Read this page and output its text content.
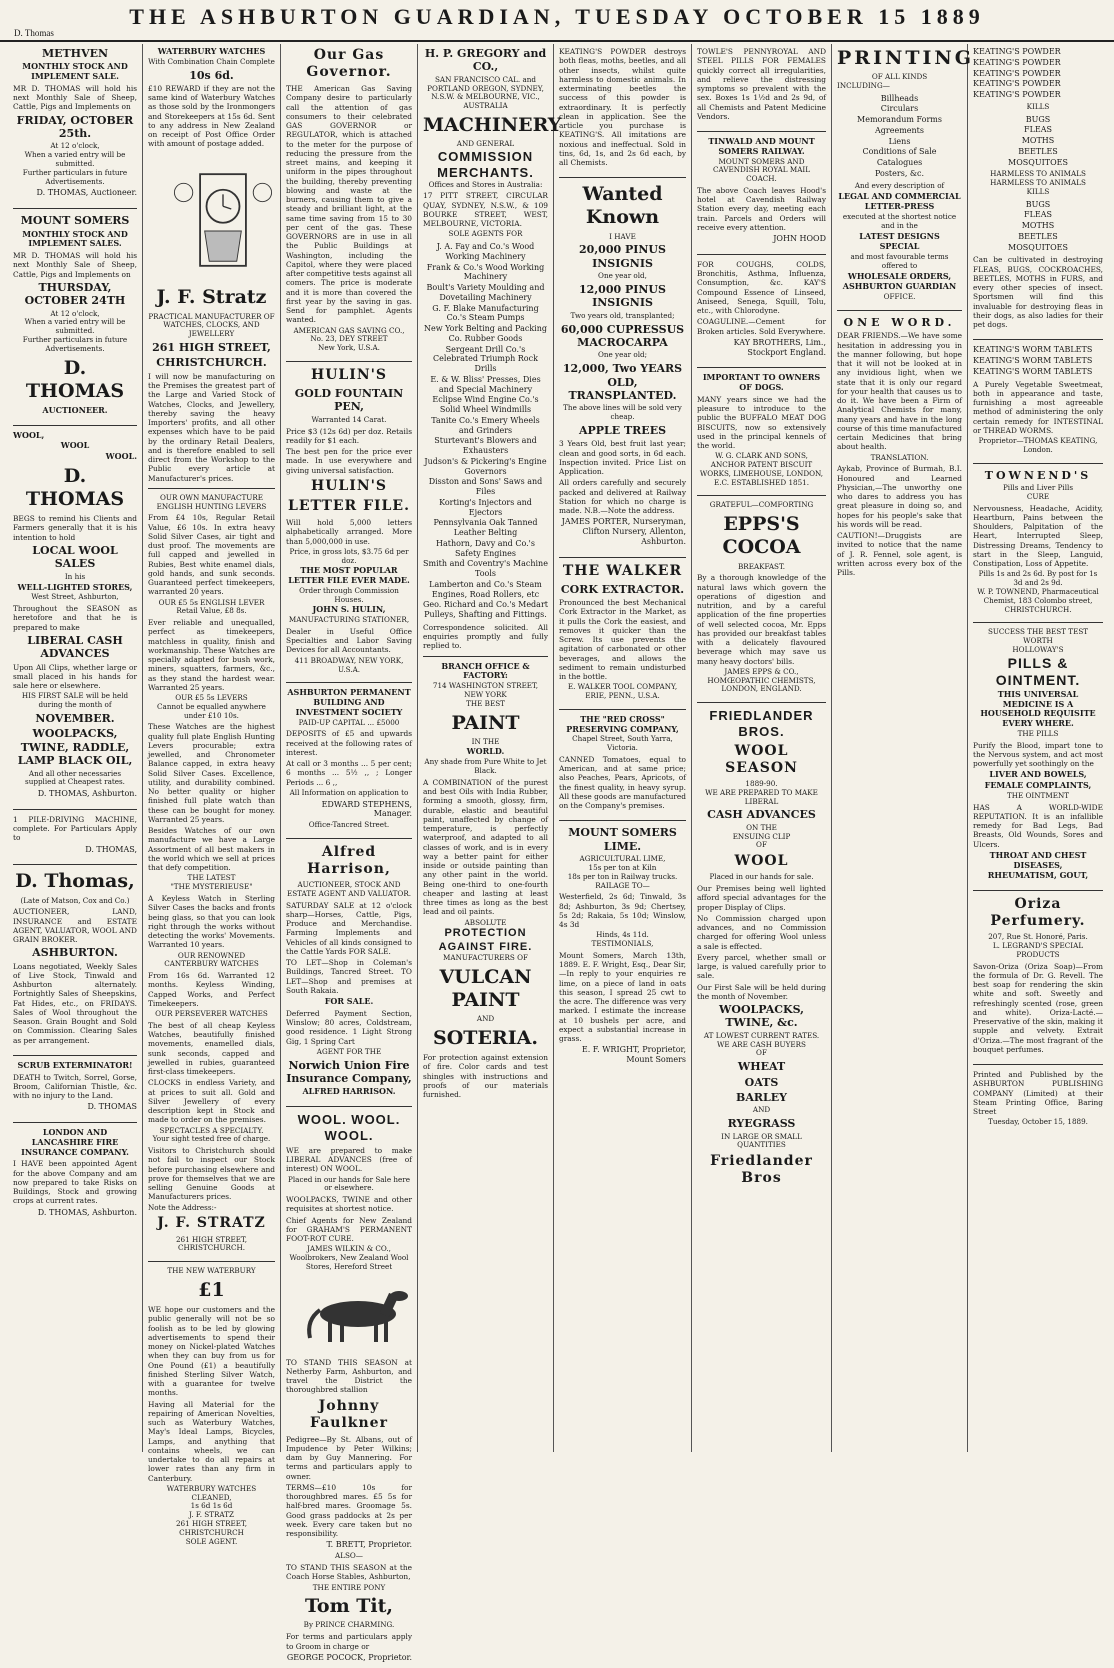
THE ASHBURTON GUARDIAN, TUESDAY OCTOBER 15 1889
D. Thomas
METHVEN
MONTHLY STOCK AND IMPLEMENT SALE.
MR D. THOMAS will hold his next Monthly Sale of Sheep, Cattle, Pigs and Implements on
FRIDAY, OCTOBER 25th.
At 12 o'clock,
When a varied entry will be submitted.
Further particulars in future Advertisements.
D. THOMAS, Auctioneer.
MOUNT SOMERS
MONTHLY STOCK AND IMPLEMENT SALES.
MR D. THOMAS will hold his next Monthly Sale of Sheep, Cattle, Pigs and Implements on
THURSDAY, OCTOBER 24TH
At 12 o'clock,
When a varied entry will be submitted.
Further particulars in future Advertisements.
D. THOMAS
AUCTIONEER.
WOOL,
WOOL
WOOL.
D. THOMAS
BEGS to remind his Clients and Farmers generally that it is his intention to hold
LOCAL WOOL SALES
In his
WELL-LIGHTED STORES,
West Street, Ashburton,
Throughout the SEASON as heretofore and that he is prepared to make
LIBERAL CASH ADVANCES
Upon All Clips, whether large or small placed in his hands for sale here or elsewhere.
HIS FIRST SALE will be held during the month of
NOVEMBER.
WOOLPACKS, TWINE, RADDLE, LAMP BLACK OIL,
And all other necessaries supplied at Cheapest rates.
D. THOMAS, Ashburton.
1 PILE-DRIVING MACHINE, complete. For Particulars Apply to
D. THOMAS,
D. Thomas,
(Late of Matson, Cox and Co.)
AUCTIONEER, LAND, INSURANCE and ESTATE AGENT, VALUATOR, WOOL AND GRAIN BROKER.
ASHBURTON.
Loans negotiated, Weekly Sales of Live Stock, Tinwald and Ashburton alternately. Fortnightly Sales of Sheepskins, Fat Hides, etc., on FRIDAYS. Sales of Wool throughout the Season. Grain Bought and Sold on Commission. Clearing Sales as per arrangement.
SCRUB EXTERMINATOR!
DEATH to Twitch, Sorrel, Gorse, Broom, Californian Thistle, &c. with no injury to the Land.
D. THOMAS
LONDON AND LANCASHIRE FIRE INSURANCE COMPANY.
I HAVE been appointed Agent for the above Company and am now prepared to take Risks on Buildings, Stock and growing crops at current rates.
D. THOMAS, Ashburton.
WATERBURY WATCHES
With Combination Chain Complete
10s 6d.
£10 REWARD if they are not the same kind of Waterbury Watches as those sold by the Ironmongers and Storekeepers at 15s 6d. Sent to any address in New Zealand on receipt of Post Office Order with amount of postage added.
J. F. Stratz
PRACTICAL MANUFACTURER OF WATCHES, CLOCKS, AND JEWELLERY
261 HIGH STREET,
CHRISTCHURCH.
I will now be manufacturing on the Premises the greatest part of the Large and Varied Stock of Watches, Clocks, and Jewellery, thereby saving the heavy Importers' profits, and all other expenses which have to be paid by the ordinary Retail Dealers, and is therefore enabled to sell direct from the Workshop to the Public every article at Manufacturer's prices.
OUR OWN MANUFACTURE
ENGLISH HUNTING LEVERS
From £4 10s, Regular Retail Value, £6 10s. In extra heavy Solid Silver Cases, air tight and dust proof. The movements are full capped and jewelled in Rubies, Best white enamel dials, gold hands, and sunk seconds. Guaranteed perfect timekeepers, warranted 20 years.
OUR £5 5s ENGLISH LEVER
Retail Value, £8 8s.
Ever reliable and unequalled, perfect as timekeepers, matchless in quality, finish and workmanship. These Watches are specially adapted for bush work, miners, squatters, farmers, &c., as they stand the hardest wear. Warranted 25 years.
OUR £5 5s LEVERS
Cannot be equalled anywhere under £10 10s.
These Watches are the highest quality full plate English Hunting Levers procurable; extra jewelled, and Chronometer Balance capped, in extra heavy Solid Silver Cases. Excellence, utility, and durability combined. No better quality or higher finished full plate watch than these can be bought for money. Warranted 25 years.
Besides Watches of our own manufacture we have a Large Assortment of all best makers in the world which we sell at prices that defy competition.
THE LATEST
"THE MYSTERIEUSE"
A Keyless Watch in Sterling Silver Cases the backs and fronts being glass, so that you can look right through the works without detecting the works' Movements. Warranted 10 years.
OUR RENOWNED
CANTERBURY WATCHES
From 16s 6d. Warranted 12 months. Keyless Winding, Capped Works, and Perfect Timekeepers.
OUR PERSEVERER WATCHES
The best of all cheap Keyless Watches, beautifully finished movements, enamelled dials, sunk seconds, capped and jewelled in rubies, guaranteed first-class timekeepers.
CLOCKS in endless Variety, and at prices to suit all. Gold and Silver Jewellery of every description kept in Stock and made to order on the premises.
SPECTACLES A SPECIALTY.
Your sight tested free of charge.
Visitors to Christchurch should not fail to inspect our Stock before purchasing elsewhere and prove for themselves that we are selling Genuine Goods at Manufacturers prices.
Note the Address:-
J. F. STRATZ
261 HIGH STREET,
CHRISTCHURCH.
THE NEW WATERBURY
£1
WE hope our customers and the public generally will not be so foolish as to be led by glowing advertisements to spend their money on Nickel-plated Watches when they can buy from us for One Pound (£1) a beautifully finished Sterling Silver Watch, with a guarantee for twelve months.
Having all Material for the repairing of American Novelties, such as Waterbury Watches, May's Ideal Lamps, Bicycles, Lamps, and anything that contains wheels, we can undertake to do all repairs at lower rates than any firm in Canterbury.
WATERBURY WATCHES CLEANED,
1s 6d 1s 6d
J. F. STRATZ
261 HIGH STREET, CHRISTCHURCH
SOLE AGENT.
Our Gas Governor.
THE American Gas Saving Company desire to particularly call the attention of gas consumers to their celebrated GAS GOVERNOR or REGULATOR, which is attached to the meter for the purpose of reducing the pressure from the street mains, and keeping it uniform in the pipes throughout the building, thereby preventing blowing and waste at the burners, causing them to give a steady and brilliant light, at the same time saving from 15 to 30 per cent of the gas. These GOVERNORS are in use in all the Public Buildings at Washington, including the Capitol, where they were placed after competitive tests against all comers. The price is moderate and it is more than covered the first year by the saving in gas. Send for pamphlet. Agents wanted.
AMERICAN GAS SAVING CO., No. 23, DEY STREET
New York, U.S.A.
HULIN'S
GOLD FOUNTAIN PEN,
Warranted 14 Carat.
Price $3 (12s 6d) per doz. Retails readily for $1 each.
The best pen for the price ever made. In use everywhere and giving universal satisfaction.
HULIN'S
LETTER FILE.
Will hold 5,000 letters alphabetically arranged. More than 5,000,000 in use.
Price, in gross lots, $3.75 6d per doz.
THE MOST POPULAR LETTER FILE EVER MADE.
Order through Commission Houses.
JOHN S. HULIN,
MANUFACTURING STATIONER,
Dealer in Useful Office Specialties and Labor Saving Devices for all Accountants.
411 BROADWAY, NEW YORK, U.S.A.
ASHBURTON PERMANENT BUILDING AND INVESTMENT SOCIETY
PAID-UP CAPITAL ... £5000
DEPOSITS of £5 and upwards received at the following rates of interest.
At call or 3 months ... 5 per cent; 6 months ... 5½ ,, ; Longer Periods ... 6 ,,
All Information on application to
EDWARD STEPHENS, Manager.
Office-Tancred Street.
Alfred Harrison,
AUCTIONEER, STOCK AND ESTATE AGENT AND VALUATOR.
SATURDAY SALE at 12 o'clock sharp—Horses, Cattle, Pigs, Produce and Merchandise. Farming Implements and Vehicles of all kinds consigned to the Cattle Yards FOR SALE.
TO LET—Shop in Coleman's Buildings, Tancred Street. TO LET—Shop and premises at South Rakaia.
FOR SALE.
Deferred Payment Section, Winslow; 80 acres, Coldstream, good residence. 1 Light Strong Gig, 1 Spring Cart
AGENT FOR THE
Norwich Union Fire Insurance Company,
ALFRED HARRISON.
WOOL. WOOL. WOOL.
WE are prepared to make LIBERAL ADVANCES (free of interest) ON WOOL.
Placed in our hands for Sale here or elsewhere.
WOOLPACKS, TWINE and other requisites at shortest notice.
Chief Agents for New Zealand for GRAHAM'S PERMANENT FOOT-ROT CURE.
JAMES WILKIN & CO., Woolbrokers, New Zealand Wool Stores, Hereford Street
TO STAND THIS SEASON at Netherby Farm, Ashburton, and travel the District the thoroughbred stallion
Johnny Faulkner
Pedigree—By St. Albans, out of Impudence by Peter Wilkins; dam by Guy Mannering. For terms and particulars apply to owner.
TERMS—£10 10s for thoroughbred mares. £5 5s for half-bred mares. Groomage 5s. Good grass paddocks at 2s per week. Every care taken but no responsibility.
T. BRETT, Proprietor.
ALSO—
TO STAND THIS SEASON at the Coach Horse Stables, Ashburton,
THE ENTIRE PONY
Tom Tit,
By PRINCE CHARMING.
For terms and particulars apply to Groom in charge or
GEORGE POCOCK, Proprietor.
H. P. GREGORY and CO.,
SAN FRANCISCO CAL. and PORTLAND OREGON, SYDNEY, N.S.W. & MELBOURNE, VIC., AUSTRALIA
MACHINERY
AND GENERAL
COMMISSION MERCHANTS.
Offices and Stores in Australia:
17 PITT STREET, CIRCULAR QUAY, SYDNEY, N.S.W., & 109 BOURKE STREET, WEST, MELBOURNE, VICTORIA.
SOLE AGENTS FOR
J. A. Fay and Co.'s Wood Working Machinery
Frank & Co.'s Wood Working Machinery
Boult's Variety Moulding and Dovetailing Machinery
G. F. Blake Manufacturing Co.'s Steam Pumps
New York Belting and Packing Co. Rubber Goods
Sergeant Drill Co.'s Celebrated Triumph Rock Drills
E. & W. Bliss' Presses, Dies and Special Machinery
Eclipse Wind Engine Co.'s Solid Wheel Windmills
Tanite Co.'s Emery Wheels and Grinders
Sturtevant's Blowers and Exhausters
Judson's & Pickering's Engine Governors
Disston and Sons' Saws and Files
Korting's Injectors and Ejectors
Pennsylvania Oak Tanned Leather Belting
Hathorn, Davy and Co.'s Safety Engines
Smith and Coventry's Machine Tools
Lamberton and Co.'s Steam Engines, Road Rollers, etc
Geo. Richard and Co.'s Medart Pulleys, Shafting and Fittings.
Correspondence solicited. All enquiries promptly and fully replied to.
BRANCH OFFICE & FACTORY:
714 WASHINGTON STREET, NEW YORK
THE BEST
PAINT
IN THE
WORLD.
Any shade from Pure White to Jet Black.
A COMBINATION of the purest and best Oils with India Rubber, forming a smooth, glossy, firm, durable, elastic and beautiful paint, unaffected by change of temperature, is perfectly waterproof, and adapted to all classes of work, and is in every way a better paint for either inside or outside painting than any other paint in the world. Being one-third to one-fourth cheaper and lasting at least three times as long as the best lead and oil paints.
ABSOLUTE
PROTECTION AGAINST FIRE.
MANUFACTURERS OF
VULCAN PAINT
AND
SOTERIA.
For protection against extension of fire. Color cards and test shingles with instructions and proofs of our materials furnished.
KEATING'S POWDER destroys both fleas, moths, beetles, and all other insects, whilst quite harmless to domestic animals. In exterminating beetles the success of this powder is extraordinary. It is perfectly clean in application. See the article you purchase is KEATING'S. All imitations are noxious and ineffectual. Sold in tins, 6d, 1s, and 2s 6d each, by all Chemists.
Wanted Known
I HAVE
20,000 PINUS INSIGNIS
One year old,
12,000 PINUS INSIGNIS
Two years old, transplanted;
60,000 CUPRESSUS MACROCARPA
One year old;
12,000, Two YEARS OLD, TRANSPLANTED.
The above lines will be sold very cheap.
APPLE TREES
3 Years Old, best fruit last year; clean and good sorts, in 6d each. Inspection invited. Price List on Application.
All orders carefully and securely packed and delivered at Railway Station for which no charge is made. N.B.—Note the address.
JAMES PORTER, Nurseryman, Clifton Nursery, Allenton, Ashburton.
THE WALKER
CORK EXTRACTOR.
Pronounced the best Mechanical Cork Extractor in the Market, as it pulls the Cork the easiest, and removes it quicker than the Screw. Its use prevents the agitation of carbonated or other beverages, and allows the sediment to remain undisturbed in the bottle.
E. WALKER TOOL COMPANY, ERIE, PENN., U.S.A.
THE "RED CROSS" PRESERVING COMPANY,
Chapel Street, South Yarra, Victoria.
CANNED Tomatoes, equal to American, and at same price; also Peaches, Pears, Apricots, of the finest quality, in heavy syrup. All these goods are manufactured on the Company's premises.
MOUNT SOMERS LIME.
AGRICULTURAL LIME,
15s per ton at Kiln
18s per ton in Railway trucks.
RAILAGE TO—
Westerfield, 2s 6d; Tinwald, 3s 8d; Ashburton, 3s 9d; Chertsey, 5s 2d; Rakaia, 5s 10d; Winslow, 4s 3d
Hinds, 4s 11d.
TESTIMONIALS,
Mount Somers, March 13th, 1889. E. F. Wright, Esq., Dear Sir,—In reply to your enquiries re lime, on a piece of land in oats this season, I spread 25 cwt to the acre. The difference was very marked. I estimate the increase at 10 bushels per acre, and expect a substantial increase in grass.
E. F. WRIGHT, Proprietor, Mount Somers
TOWLE'S PENNYROYAL AND STEEL PILLS FOR FEMALES quickly correct all irregularities, and relieve the distressing symptoms so prevalent with the sex. Boxes 1s 1½d and 2s 9d, of all Chemists and Patent Medicine Vendors.
TINWALD AND MOUNT SOMERS RAILWAY.
MOUNT SOMERS AND CAVENDISH ROYAL MAIL COACH.
The above Coach leaves Hood's hotel at Cavendish Railway Station every day, meeting each train. Parcels and Orders will receive every attention.
JOHN HOOD
FOR COUGHS, COLDS, Bronchitis, Asthma, Influenza, Consumption, &c. KAY'S Compound Essence of Linseed, Aniseed, Senega, Squill, Tolu, etc., with Chlorodyne.
COAGULINE.—Cement for Broken articles. Sold Everywhere.
KAY BROTHERS, Lim., Stockport England.
IMPORTANT TO OWNERS OF DOGS.
MANY years since we had the pleasure to introduce to the public the BUFFALO MEAT DOG BISCUITS, now so extensively used in the principal kennels of the world.
W. G. CLARK AND SONS, ANCHOR PATENT BISCUIT WORKS, LIMEHOUSE, LONDON, E.C. ESTABLISHED 1851.
GRATEFUL—COMFORTING
EPPS'S COCOA
BREAKFAST.
By a thorough knowledge of the natural laws which govern the operations of digestion and nutrition, and by a careful application of the fine properties of well selected cocoa, Mr. Epps has provided our breakfast tables with a delicately flavoured beverage which may save us many heavy doctors' bills.
JAMES EPPS & CO., HOMŒOPATHIC CHEMISTS, LONDON, ENGLAND.
FRIEDLANDER BROS.
WOOL SEASON
1889-90.
WE ARE PREPARED TO MAKE LIBERAL
CASH ADVANCES
ON THE
ENSUING CLIP
OF
WOOL
Placed in our hands for sale.
Our Premises being well lighted afford special advantages for the proper Display of Clips.
No Commission charged upon advances, and no Commission charged for offering Wool unless a sale is effected.
Every parcel, whether small or large, is valued carefully prior to sale.
Our First Sale will be held during the month of November.
WOOLPACKS, TWINE, &c.
AT LOWEST CURRENT RATES.
WE ARE CASH BUYERS
OF
WHEAT
OATS
BARLEY
AND
RYEGRASS
IN LARGE OR SMALL QUANTITIES
Friedlander Bros
PRINTING
OF ALL KINDS
INCLUDING—
Billheads
Circulars
Memorandum Forms
Agreements
Liens
Conditions of Sale
Catalogues
Posters, &c.
And every description of
LEGAL AND COMMERCIAL
LETTER-PRESS
executed at the shortest notice and in the
LATEST DESIGNS
SPECIAL
and most favourable terms offered to
WHOLESALE ORDERS,
ASHBURTON GUARDIAN
OFFICE.
ONE WORD.
DEAR FRIENDS.—We have some hesitation in addressing you in the manner following, but hope that it will not be looked at in any invidious light, when we state that it is only our regard for your health that causes us to do it. We have been a Firm of Analytical Chemists for many, many years and have in the long course of this time manufactured certain Medicines that bring about health.
TRANSLATION.
Aykab, Province of Burmah, B.I. Honoured and Learned Physician,—The unworthy one who dares to address you has great pleasure in doing so, and hopes for his people's sake that his words will be read.
CAUTION!—Druggists are invited to notice that the name of J. R. Fennel, sole agent, is written across every box of the Pills.
KEATING'S POWDER
KEATING'S POWDER
KEATING'S POWDER
KEATING'S POWDER
KEATING'S POWDER
KILLS
BUGS
FLEAS
MOTHS
BEETLES
MOSQUITOES
HARMLESS TO ANIMALS
HARMLESS TO ANIMALS
KILLS
BUGS
FLEAS
MOTHS
BEETLES
MOSQUITOES
Can be cultivated in destroying FLEAS, BUGS, COCKROACHES, BEETLES, MOTHS in FURS, and every other species of insect. Sportsmen will find this invaluable for destroying fleas in their dogs, as also ladies for their pet dogs.
KEATING'S WORM TABLETS
KEATING'S WORM TABLETS
KEATING'S WORM TABLETS
A Purely Vegetable Sweetmeat, both in appearance and taste, furnishing a most agreeable method of administering the only certain remedy for INTESTINAL or THREAD WORMS.
Proprietor—THOMAS KEATING, London.
TOWNEND'S
Pills and Liver Pills
CURE
Nervousness, Headache, Acidity, Heartburn, Pains between the Shoulders, Palpitation of the Heart, Interrupted Sleep, Distressing Dreams, Tendency to start in the Sleep, Languid, Constipation, Loss of Appetite.
Pills 1s and 2s 6d. By post for 1s 3d and 2s 9d.
W. P. TOWNEND, Pharmaceutical Chemist, 183 Colombo street, CHRISTCHURCH.
SUCCESS THE BEST TEST
WORTH
HOLLOWAY'S
PILLS & OINTMENT.
THIS UNIVERSAL MEDICINE IS A HOUSEHOLD REQUISITE EVERY WHERE.
THE PILLS
Purify the Blood, impart tone to the Nervous system, and act most powerfully yet soothingly on the
LIVER AND BOWELS,
FEMALE COMPLAINTS,
THE OINTMENT
HAS A WORLD-WIDE REPUTATION. It is an infallible remedy for Bad Legs, Bad Breasts, Old Wounds, Sores and Ulcers.
THROAT AND CHEST DISEASES,
RHEUMATISM, GOUT,
Oriza Perfumery.
207, Rue St. Honoré, Paris.
L. LEGRAND'S SPECIAL PRODUCTS
Savon-Oriza (Oriza Soap)—From the formula of Dr. G. Revell. The best soap for rendering the skin white and soft. Sweetly and refreshingly scented (rose, green and white). Oriza-Lacté.—Preservative of the skin, making it supple and velvety. Extrait d'Oriza.—The most fragrant of the bouquet perfumes.
Printed and Published by the ASHBURTON PUBLISHING COMPANY (Limited) at their Steam Printing Office, Baring Street
Tuesday, October 15, 1889.
